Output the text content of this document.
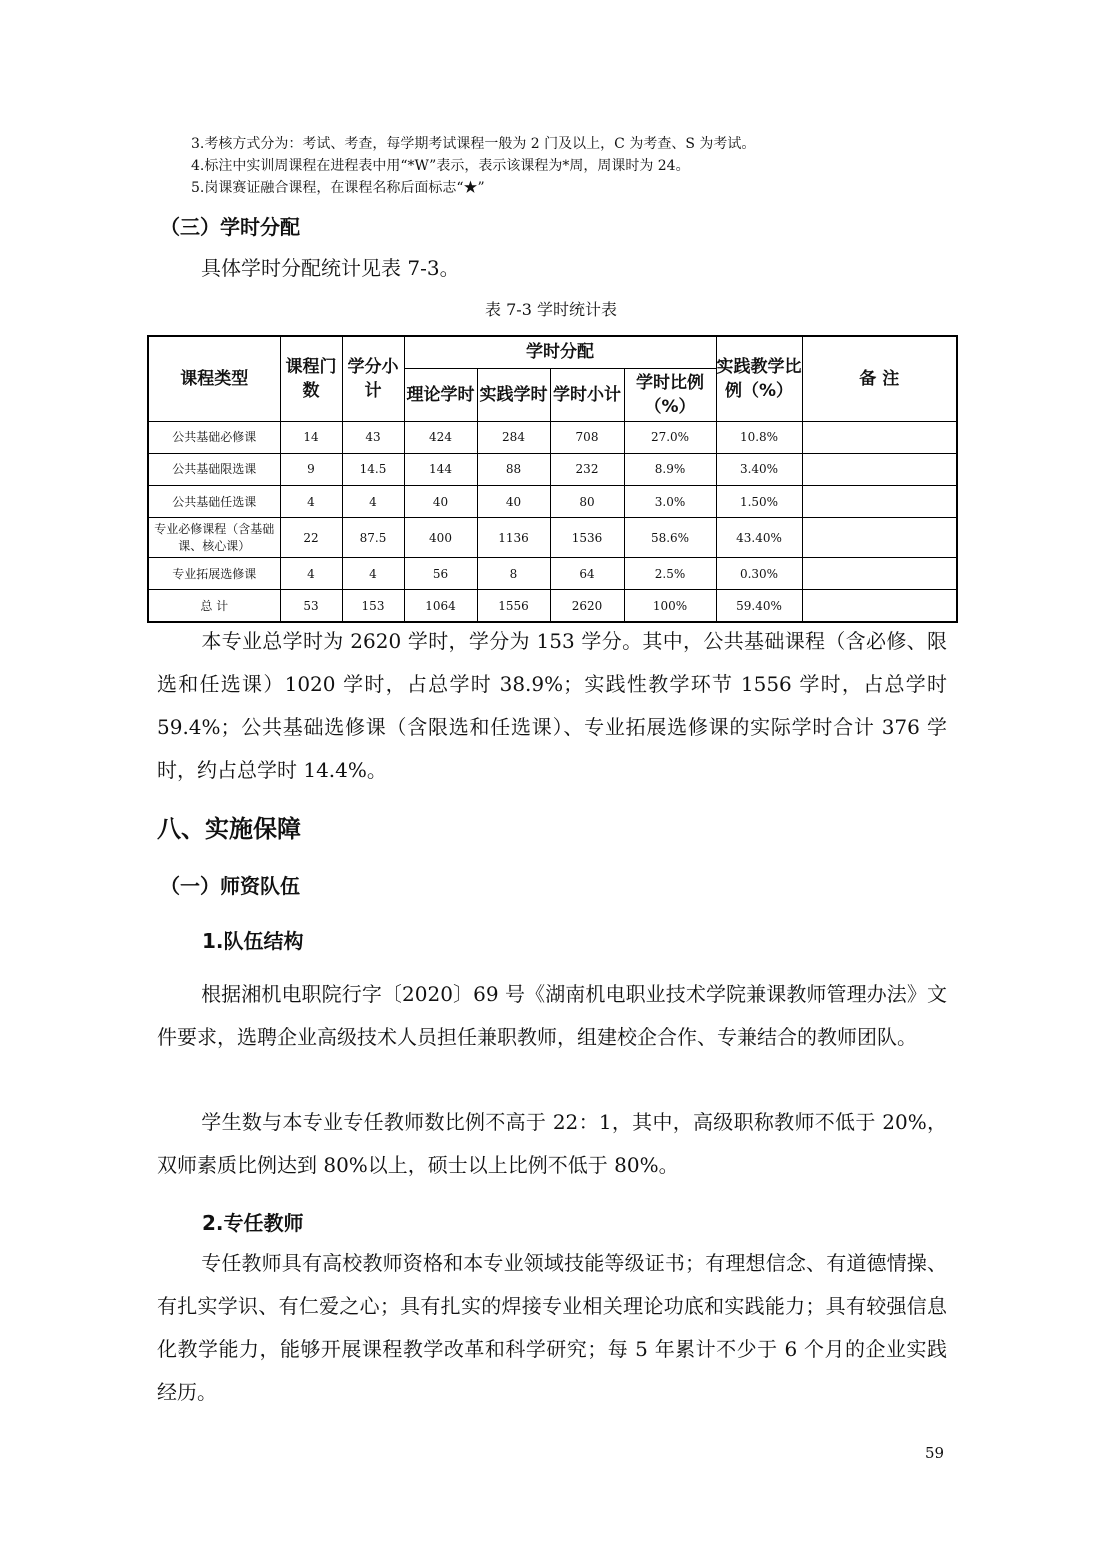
3.考核方式分为：考试、考查，每学期考试课程一般为 2 门及以上，C 为考查、S 为考试。
4.标注中实训周课程在进程表中用“*W”表示，表示该课程为*周，周课时为 24。
5.岗课赛证融合课程，在课程名称后面标志“★”
（三）学时分配
具体学时分配统计见表 7-3。
表 7-3 学时统计表
课程类型	课程门数	学分小计	学时分配				实践教学比例（%）	备 注
			理论学时	实践学时	学时小计	学时比例（%）		
公共基础必修课	14	43	424	284	708	27.0%	10.8%	
公共基础限选课	9	14.5	144	88	232	8.9%	3.40%	
公共基础任选课	4	4	40	40	80	3.0%	1.50%	
专业必修课程（含基础课、核心课）	22	87.5	400	1136	1536	58.6%	43.40%	
专业拓展选修课	4	4	56	8	64	2.5%	0.30%	
总 计	53	153	1064	1556	2620	100%	59.40%	
本专业总学时为 2620 学时，学分为 153 学分。其中，公共基础课程（含必修、限选和任选课）1020 学时，占总学时 38.9%；实践性教学环节 1556 学时，占总学时 59.4%；公共基础选修课（含限选和任选课）、专业拓展选修课的实际学时合计 376 学时，约占总学时 14.4%。
八、实施保障
（一）师资队伍
1.队伍结构
根据湘机电职院行字〔2020〕69 号《湖南机电职业技术学院兼课教师管理办法》文件要求，选聘企业高级技术人员担任兼职教师，组建校企合作、专兼结合的教师团队。
学生数与本专业专任教师数比例不高于 22：1，其中，高级职称教师不低于 20%，双师素质比例达到 80%以上，硕士以上比例不低于 80%。
2.专任教师
专任教师具有高校教师资格和本专业领域技能等级证书；有理想信念、有道德情操、有扎实学识、有仁爱之心；具有扎实的焊接专业相关理论功底和实践能力；具有较强信息化教学能力，能够开展课程教学改革和科学研究；每 5 年累计不少于 6 个月的企业实践经历。
59
